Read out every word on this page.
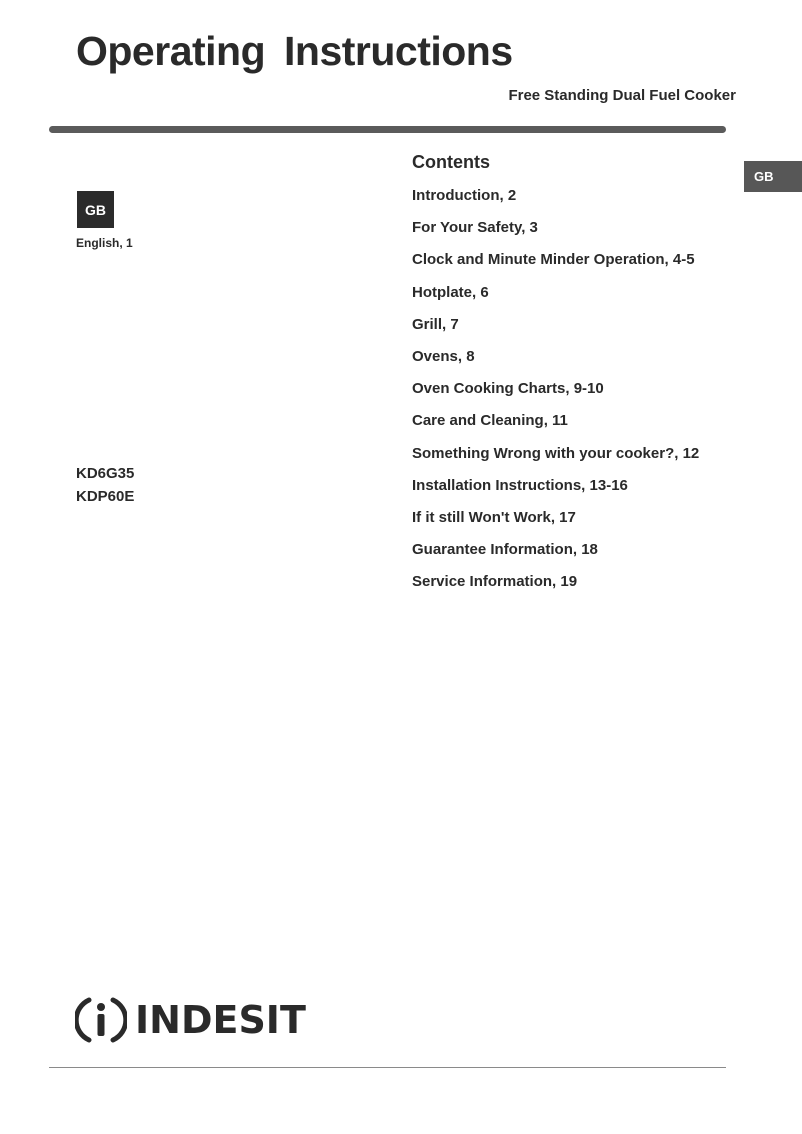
Operating Instructions
Free Standing Dual Fuel Cooker
GB
GB
English, 1
KD6G35
KDP60E
Contents
Introduction, 2
For Your Safety, 3
Clock and Minute Minder Operation, 4-5
Hotplate, 6
Grill, 7
Ovens, 8
Oven Cooking Charts, 9-10
Care and Cleaning, 11
Something Wrong with your cooker?, 12
Installation Instructions, 13-16
If it still Won't Work, 17
Guarantee Information, 18
Service Information, 19
INDESIT
